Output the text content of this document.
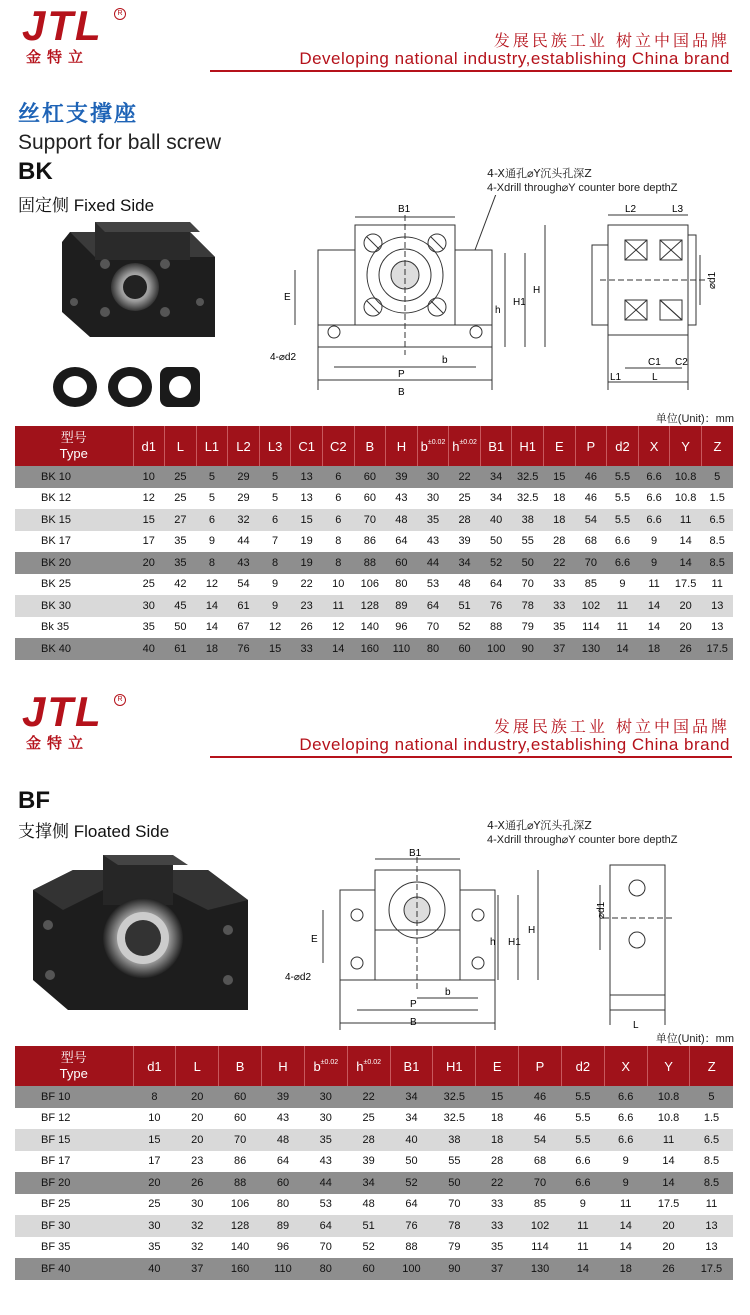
JTL
金特立
R
发展民族工业 树立中国品牌
Developing national industry,establishing China brand
丝杠支撑座
Support for ball screw
BK
固定侧 Fixed Side	B1
E
h
H1
H
4-⌀d2	b
P
B
4-X通孔⌀Y沉头孔深Z
4-Xdrill through⌀Y counter bore depthZ
L2	L3
⌀d1
C1 C2
L1	L
单位(Unit)：mm
型号
Type	d1	L	L1	L2	L3	C1	C2	B	H	$b^{\pm 0.02}$	$h^{\pm 0.02}$	B1	H1	E	P	d2	X	Y	Z
BK 10	10	25	5	29	5	13	6	60	39	30	22	34	32.5	15	46	5.5	6.6	10.8	5
BK 12	12	25	5	29	5	13	6	60	43	30	25	34	32.5	18	46	5.5	6.6	10.8	1.5
BK 15	15	27	6	32	6	15	6	70	48	35	28	40	38	18	54	5.5	6.6	11	6.5
BK 17	17	35	9	44	7	19	8	86	64	43	39	50	55	28	68	6.6	9	14	8.5
BK 20	20	35	8	43	8	19	8	88	60	44	34	52	50	22	70	6.6	9	14	8.5
BK 25	25	42	12	54	9	22	10	106	80	53	48	64	70	33	85	9	11	17.5	11
BK 30	30	45	14	61	9	23	11	128	89	64	51	76	78	33	102	11	14	20	13
Bk 35	35	50	14	67	12	26	12	140	96	70	52	88	79	35	114	11	14	20	13
BK 40	40	61	18	76	15	33	14	160	110	80	60	100	90	37	130	14	18	26	17.5
JTL
金特立
R
发展民族工业 树立中国品牌
Developing national industry,establishing China brand
BF
支撑侧 Floated Side
B1
E	h H1
H
4-⌀d2
b
P
B
4-X通孔⌀Y沉头孔深Z
4-Xdrill through⌀Y counter bore depthZ
⌀d1
L
单位(Unit)：mm
型号
Type	d1	L	B	H	$b^{\pm 0.02}$	$h^{\pm 0.02}$	B1	H1	E	P	d2	X	Y	Z
BF 10	8	20	60	39	30	22	34	32.5	15	46	5.5	6.6	10.8	5
BF 12	10	20	60	43	30	25	34	32.5	18	46	5.5	6.6	10.8	1.5
BF 15	15	20	70	48	35	28	40	38	18	54	5.5	6.6	11	6.5
BF 17	17	23	86	64	43	39	50	55	28	68	6.6	9	14	8.5
BF 20	20	26	88	60	44	34	52	50	22	70	6.6	9	14	8.5
BF 25	25	30	106	80	53	48	64	70	33	85	9	11	17.5	11
BF 30	30	32	128	89	64	51	76	78	33	102	11	14	20	13
BF 35	35	32	140	96	70	52	88	79	35	114	11	14	20	13
BF 40	40	37	160	110	80	60	100	90	37	130	14	18	26	17.5
